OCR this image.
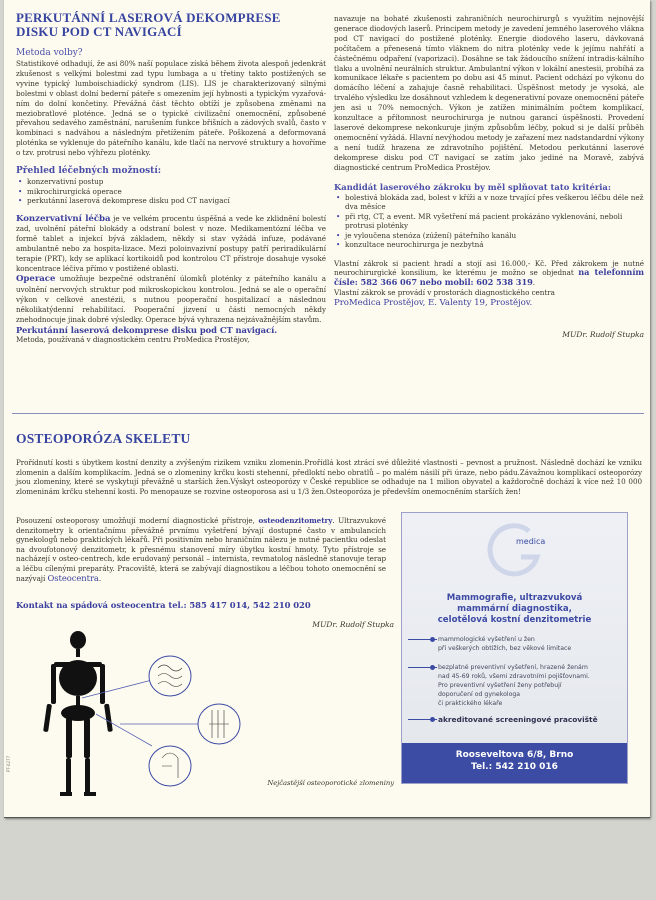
PERKUTÁNNÍ LASEROVÁ DEKOMPRESE
DISKU POD CT NAVIGACÍ
Metoda volby?

Statistikové odhadují, že asi 80% naší populace získá během života alespoň jedenkrát zkušenost s velkými bolestmi zad typu lumbaga a u třetiny takto postižených se vyvine typický lumboischiadický syndrom (LIS). LIS je charakterizovaný silnými bolestmi v oblast dolní bederní páteře s omezením její hybnosti a typickým vyzařová-ním do dolní končetiny. Převážná část těchto obtíží je způsobena změnami na meziobratlové ploténce. Jedná se o typické civilizační onemocnění, způsobené převahou sedavého zaměstnání, narušením funkce břišních a zádových svalů, často v kombinaci s nadváhou a následným přetížením páteře. Poškozená a deformovaná ploténka se vyklenuje do páteřního kanálu, kde tlačí na nervové struktury a hovoříme o tzv. protrusi nebo výhřezu ploténky.

Přehled léčebných možností:
• konzervativní postup
• mikrochirurgická operace
• perkutánní laserová dekomprese disku pod CT navigací

Konzervativní léčba je ve velkém procentu úspěšná a vede ke zklidnění bolestí zad, uvolnění páteřní blokády a odstraní bolest v noze. Medikamentózní léčba ve formě tablet a injekcí bývá základem, někdy si stav vyžádá infuze, podávané ambulantně nebo za hospita-lizace. Mezi poloinvazivní postupy patří periradikulární terapie (PRT), kdy se aplikací kortikoidů pod kontrolou CT přístroje dosahuje vysoké koncentrace léčiva přímo v postižené oblasti.

Operace umožňuje bezpečné odstranění úlomků ploténky z páteřního kanálu a uvolnění nervových struktur pod mikroskopickou kontrolou. Jedná se ale o operační výkon v celkové anestézii, s nutnou pooperační hospitalizací a následnou několikatýdenní rehabilitací. Pooperační jizvení u části nemocných někdy znehodnocuje jinak dobré výsledky. Operace bývá vyhrazena nejzávažnějším stavům.

Perkutánní laserová dekomprese disku pod CT navigací.

Metoda, používaná v diagnostickém centru ProMedica Prostějov,

navazuje na bohaté zkušenosti zahraničních neurochirurgů s využitím nejnovější generace diodových laserů. Principem metody je zavedení jemného laserového vlákna pod CT navigací do postižené ploténky. Energie diodového laseru, dávkovaná počítačem a přenesená tímto vláknem do nitra ploténky vede k jejímu nahřátí a částečnému odpaření (vaporizaci). Dosáhne se tak žádoucího snížení intradis-kálního tlaku a uvolnění neurálních struktur. Ambulantní výkon v lokální anestesii, probíhá za komunikace lékaře s pacientem po dobu asi 45 minut. Pacient odchází po výkonu do domácího léčení a zahajuje časně rehabilitaci. Úspěšnost metody je vysoká, ale trvalého výsledku lze dosáhnout vzhledem k degenerativní povaze onemocnění páteře jen asi u 70% nemocných. Výkon je zatížen minimálním počtem komplikací, konzultace a přítomnost neurochirurga je nutnou garancí úspěšnosti. Provedení laserové dekomprese nekonkuruje jiným způsobům léčby, pokud si je další průběh onemocnění vyžádá. Hlavní nevýhodou metody je zařazení mez nadstandardní výkony a není tudíž hrazena ze zdravotního pojištění. Metodou perkutánní laserové dekomprese disku pod CT navigací se zatím jako jediné na Moravě, zabývá diagnostické centrum ProMedica Prostějov.

Kandidát laserového zákroku by měl splňovat tato kritéria:
• bolestivá blokáda zad, bolest v kříži a v noze trvající přes veškerou léčbu déle než dva měsíce
• při rtg, CT, a event. MR vyšetření má pacient prokázáno vyklenování, neboli protrusi ploténky
• je vyloučena stenóza (zúžení) páteřního kanálu
• konzultace neurochirurga je nezbytná

Vlastní zákrok si pacient hradí a stojí asi 16.000,- Kč. Před zákrokem je nutné neurochirurgické konsilium, ke kterému je možno se objednat na telefonním čísle: 582 366 067 nebo mobil: 602 538 319.

Vlastní zákrok se provádí v prostorách diagnostického centra

ProMedica Prostějov, E. Valenty 19, Prostějov.

MUDr. Rudolf Stupka

OSTEOPORÓZA SKELETU

Prořídnutí kosti s úbytkem kostní denzity a zvýšeným rizikem vzniku zlomenin.Prořídlá kost ztrácí své důležité vlastnosti – pevnost a pružnost. Následně dochází ke vzniku zlomenin a dalším komplikacím. Jedná se o zlomeniny krčku kosti stehenní, předloktí nebo obratlů – po malém násilí při úraze, nebo pádu.Závažnou komplikací osteoporózy jsou zlomeniny, které se vyskytují převážně u starších žen.Výskyt osteoporózy v České republice se odhaduje na 1 milion obyvatel a každoročně dochází k více než 10 000 zlomeninám krčku stehenní kosti. Po menopauze se rozvine osteoporosa asi u 1/3 žen.Osteoporóza je především onemocněním starších žen!

Posouzení osteoporosy umožňují moderní diagnostické přístroje, osteodenzitometry. Ultrazvukové denzitometry k orientačnímu převážně prvnímu vyšetření bývají dostupné často v ambulancích gynekologů nebo praktických lékařů. Při positivním nebo hraničním nálezu je nutné pacientku odeslat na dvoufotonový denzitometr, k přesnému stanovení míry úbytku kostní hmoty. Tyto přístroje se nacházejí v osteo-centrech, kde erudovaný personál – internista, revmatolog následně stanovuje terap a léčbu cílenými preparáty. Pracoviště, která se zabývají diagnostikou a léčbou tohoto onemocnění se nazývají Osteocentra.

Kontakt na spádová osteocentra tel.: 585 417 014, 542 210 020

MUDr. Rudolf Stupka

PT-0277

Nejčastější osteoporotické zlomeniny

medica
Mammografie, ultrazvuková
mammární diagnostika,
celotělová kostní denzitometrie
mammologické vyšetření u žen
při veškerých obtížích, bez věkové limitace
bezplatné preventivní vyšetření, hrazené ženám
nad 45-69 roků, všemi zdravotními pojišťovnami.
Pro preventivní vyšetření ženy potřebují
doporučení od gynekologa
či praktického lékaře
akreditované screeningové pracoviště
Rooseveltova 6/8, Brno
Tel.: 542 210 016
